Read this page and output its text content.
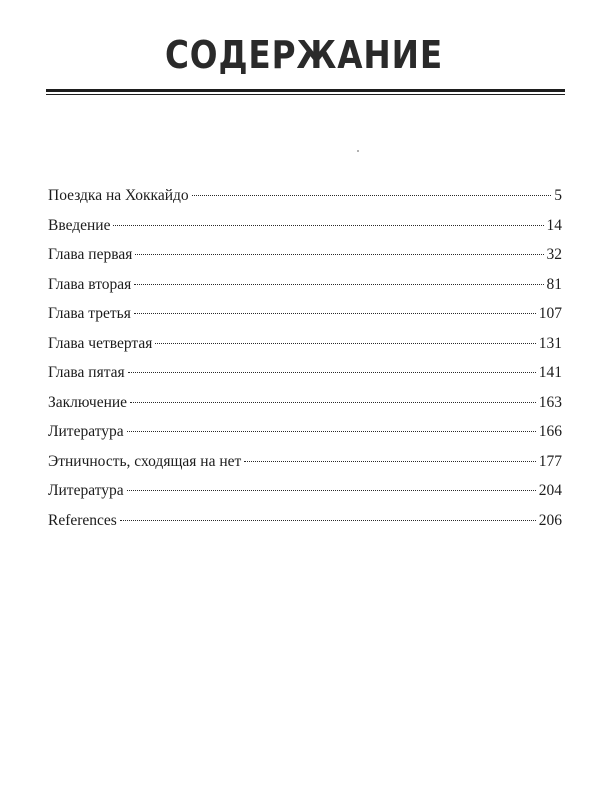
СОДЕРЖАНИЕ
Поездка на Хоккайдо	5
Введение	14
Глава первая	32
Глава вторая	81
Глава третья	107
Глава четвертая	131
Глава пятая	141
Заключение	163
Литература	166
Этничность, сходящая на нет	177
Литература	204
References	206
